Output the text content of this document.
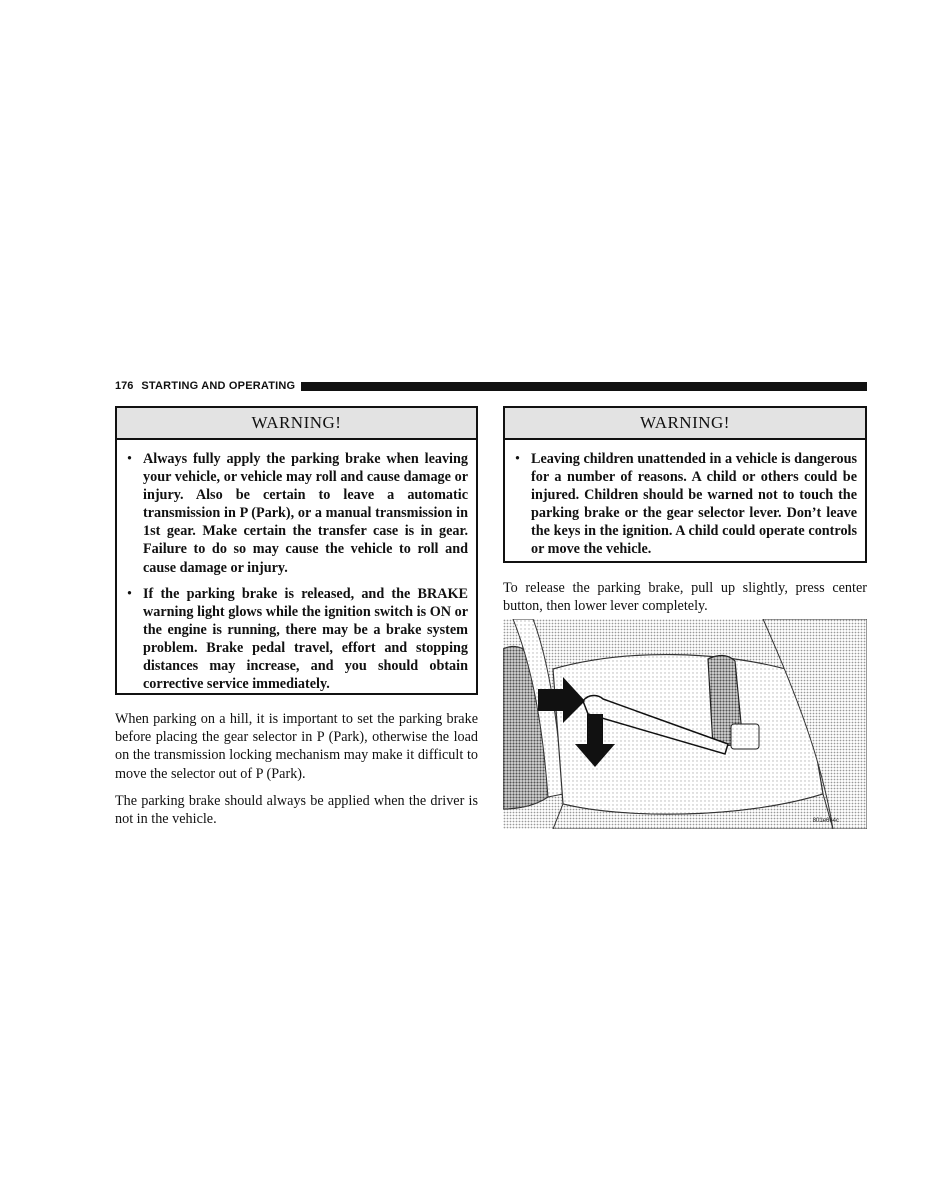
176 STARTING AND OPERATING
WARNING!
• Always fully apply the parking brake when leaving your vehicle, or vehicle may roll and cause damage or injury. Also be certain to leave a automatic transmission in P (Park), or a manual transmission in 1st gear. Make certain the transfer case is in gear. Failure to do so may cause the vehicle to roll and cause damage or injury.
• If the parking brake is released, and the BRAKE warning light glows while the ignition switch is ON or the engine is running, there may be a brake system problem. Brake pedal travel, effort and stopping distances may increase, and you should obtain corrective service immediately.

When parking on a hill, it is important to set the parking brake before placing the gear selector in P (Park), otherwise the load on the transmission locking mechanism may make it difficult to move the selector out of P (Park).

The parking brake should always be applied when the driver is not in the vehicle.

WARNING!
• Leaving children unattended in a vehicle is dangerous for a number of reasons. A child or others could be injured. Children should be warned not to touch the parking brake or the gear selector lever. Don’t leave the keys in the ignition. A child could operate controls or move the vehicle.

To release the parking brake, pull up slightly, press center button, then lower lever completely.

801e664c
